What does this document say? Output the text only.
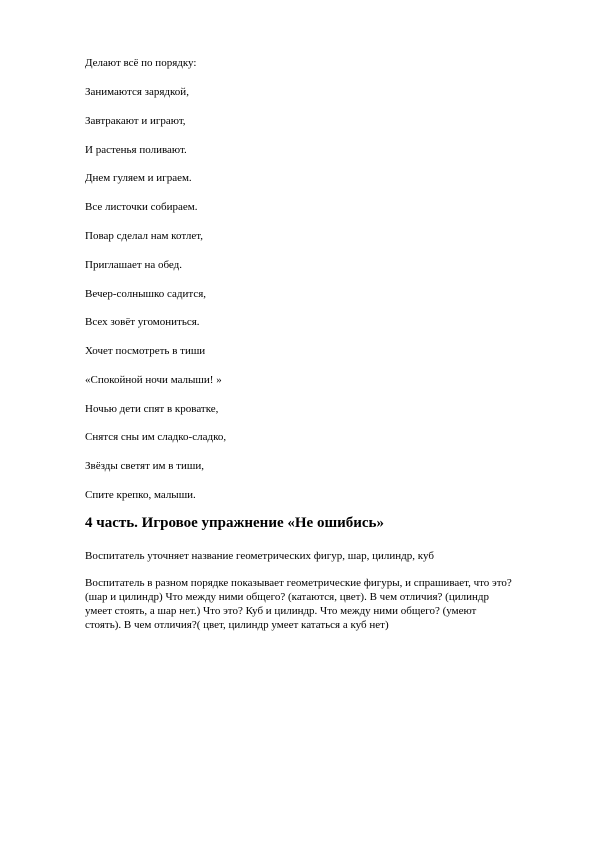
Делают всё по порядку:
Занимаются зарядкой,
Завтракают и играют,
И растенья поливают.
Днем гуляем и играем.
Все листочки собираем.
Повар сделал нам котлет,
Приглашает на обед.
Вечер-солнышко садится,
Всех зовёт угомониться.
Хочет посмотреть в тиши
«Спокойной ночи малыши! »
Ночью дети спят в кроватке,
Снятся сны им сладко-сладко,
Звёзды светят им в тиши,
Спите крепко, малыши.
4 часть. Игровое упражнение «Не ошибись»
Воспитатель уточняет название геометрических фигур, шар, цилиндр, куб
Воспитатель в разном порядке показывает геометрические фигуры, и спрашивает, что это?
(шар и цилиндр) Что между ними общего? (катаются, цвет). В чем отличия? (цилиндр
умеет стоять, а шар нет.) Что это? Куб и цилиндр. Что между ними общего? (умеют
стоять). В чем отличия?( цвет, цилиндр умеет кататься а куб нет)
